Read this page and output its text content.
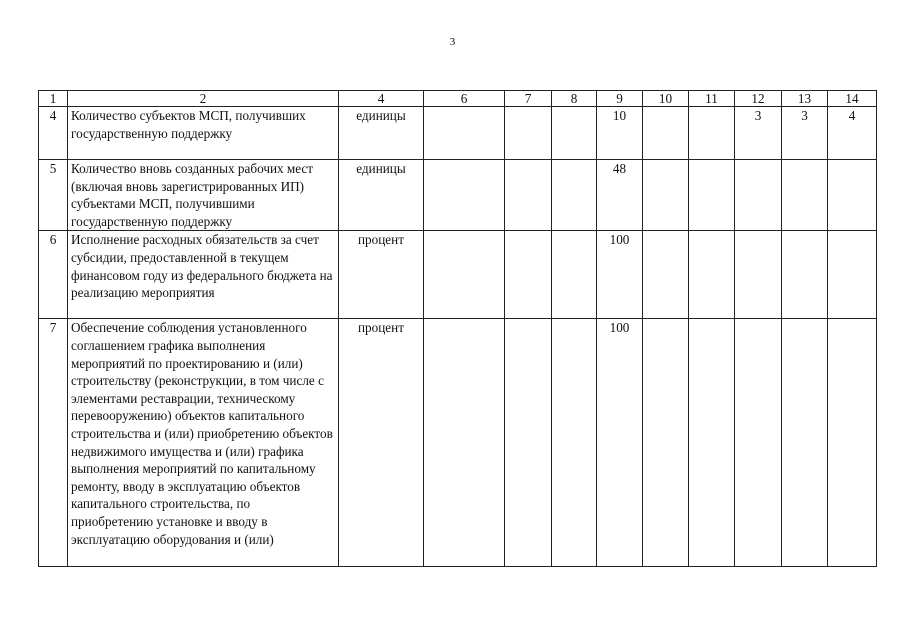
3
1	2	4	6	7	8	9	10	11	12	13	14
4	Количество субъектов МСП, получивших государственную поддержку	единицы				10			3	3	4
5	Количество вновь созданных рабочих мест (включая вновь зарегистрированных ИП) субъектами МСП, получившими государственную поддержку	единицы				48					
6	Исполнение расходных обязательств за счет субсидии, предоставленной в текущем финансовом году из федерального бюджета на реализацию мероприятия	процент				100					
7	Обеспечение соблюдения установленного соглашением графика выполнения мероприятий по проектированию и (или) строительству (реконструкции, в том числе с элементами реставрации, техническому перевооружению) объектов капитального строительства и (или) приобретению объектов недвижимого имущества и (или) графика выполнения мероприятий по капитальному ремонту, вводу в эксплуатацию объектов капитального строительства, по приобретению установке и вводу в эксплуатацию оборудования и (или)	процент				100					
